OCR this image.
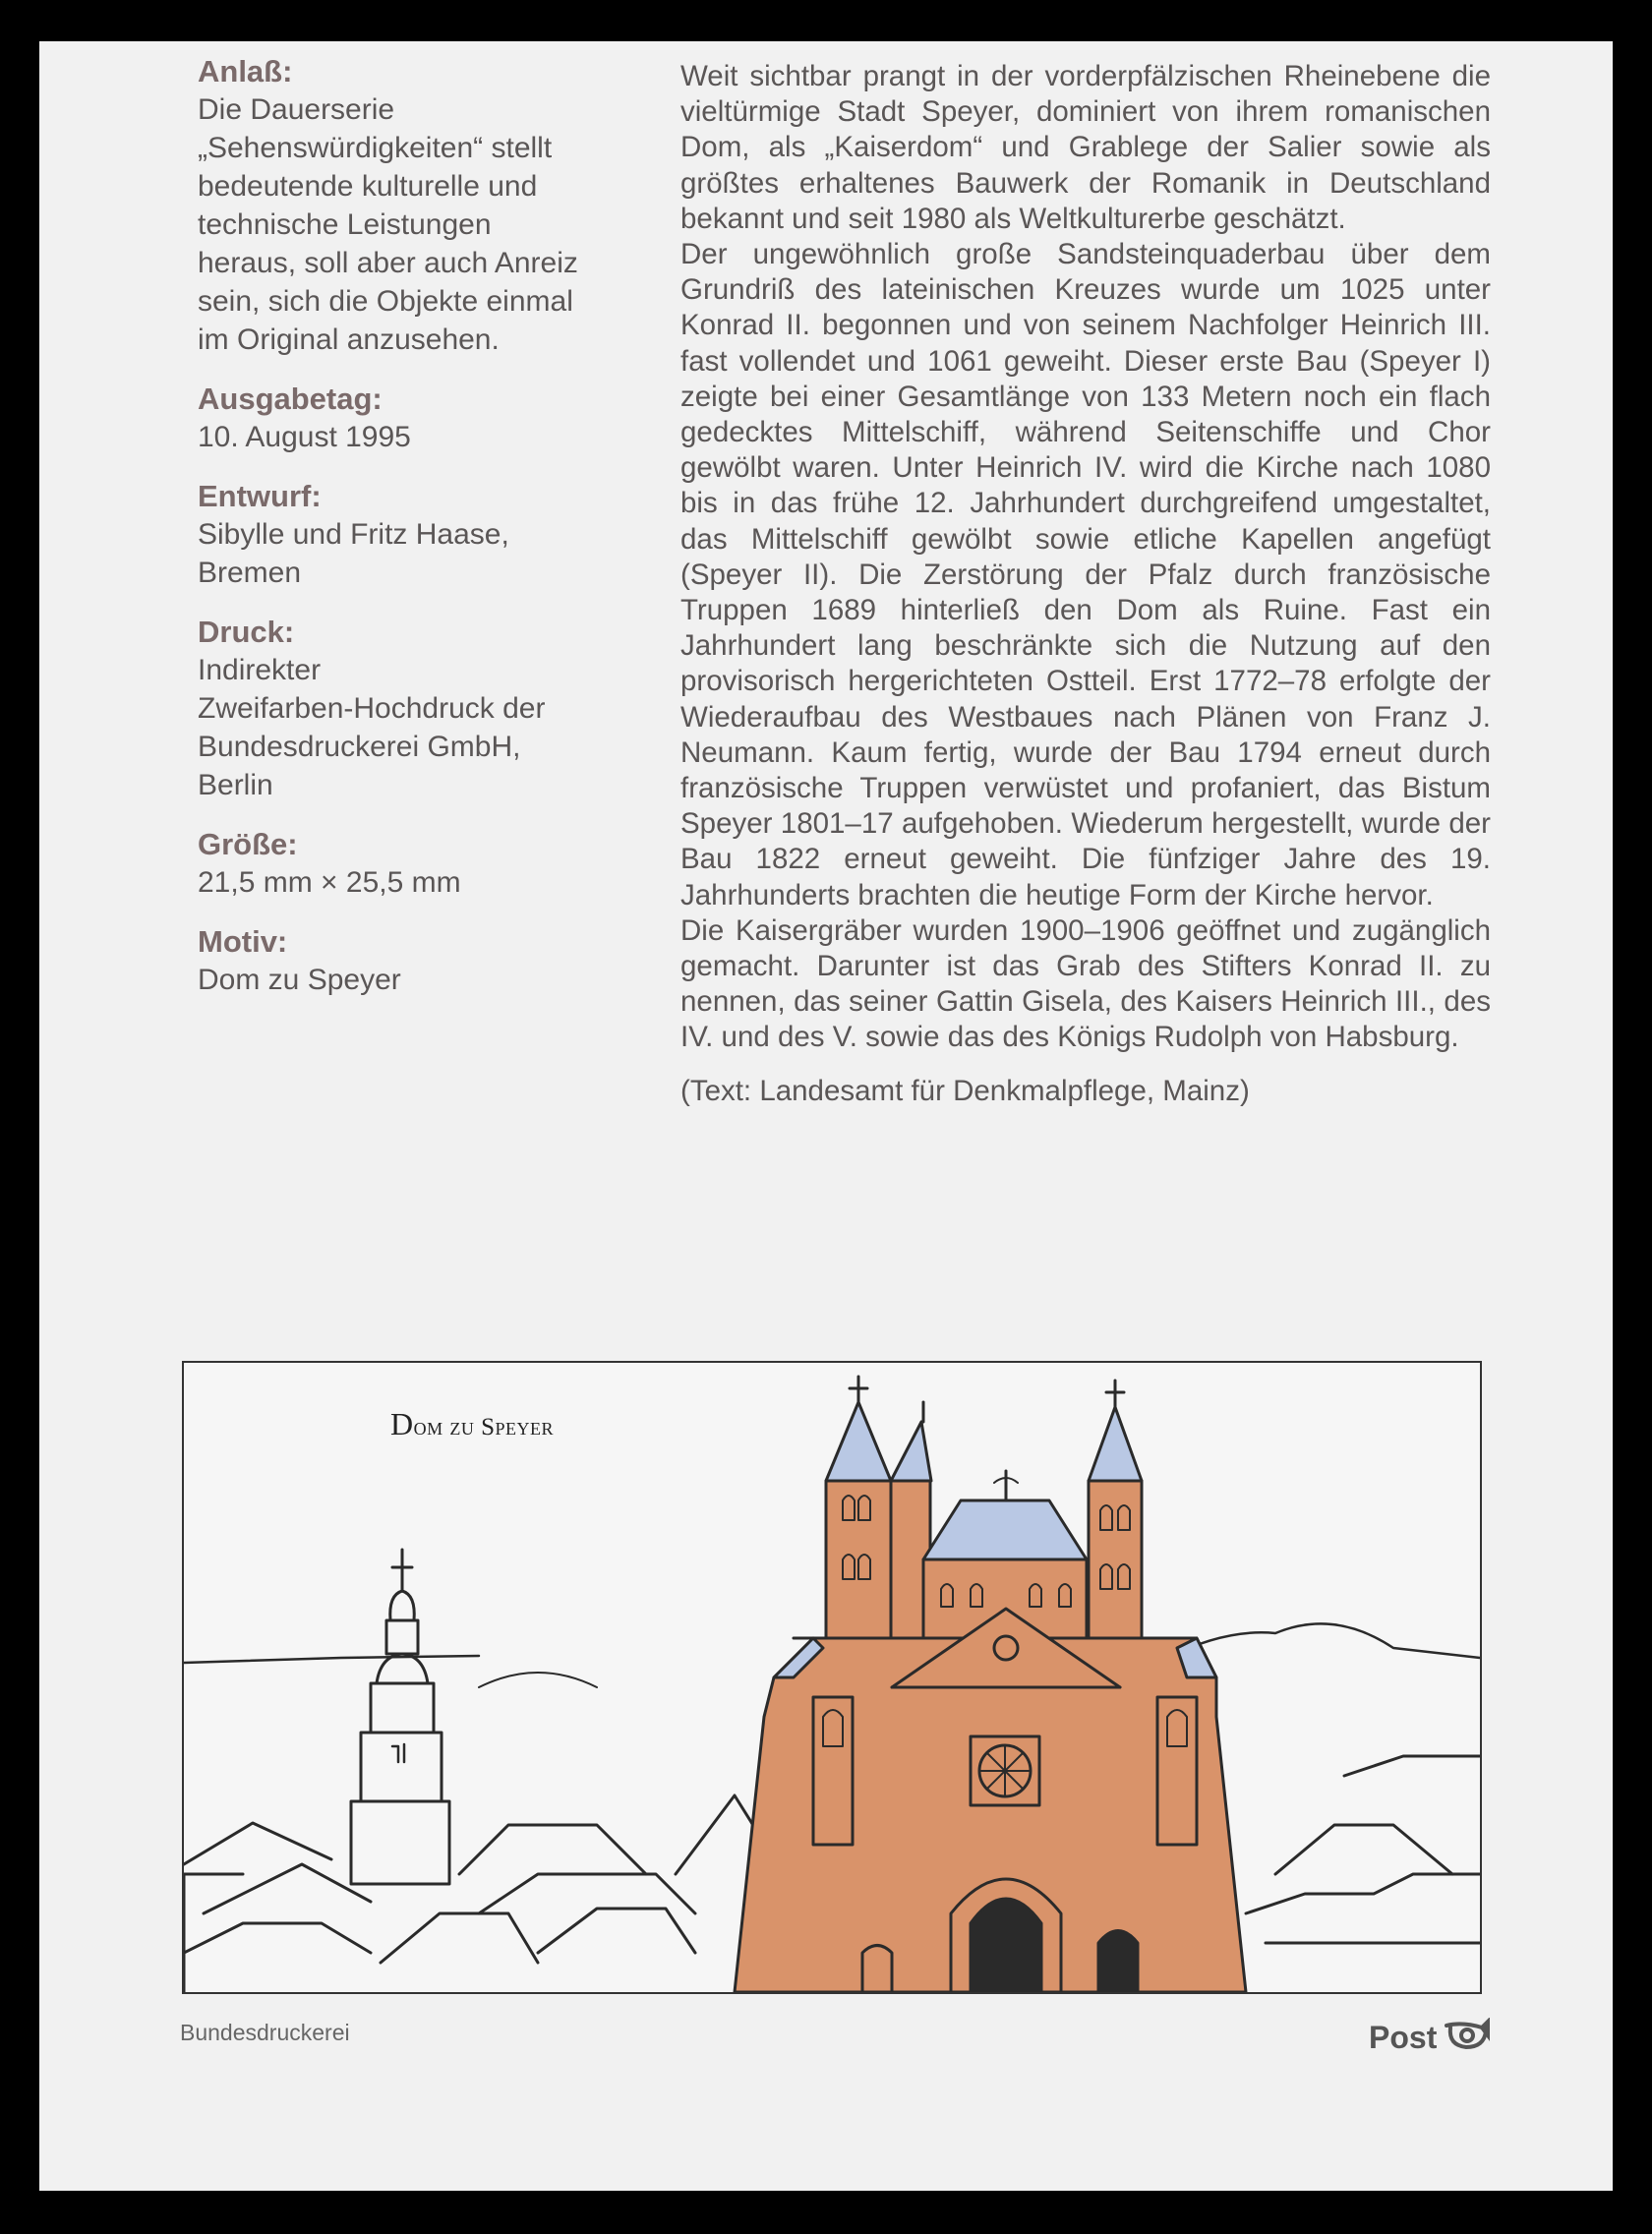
Anlaß:
Die Dauerserie
„Sehenswürdigkeiten“ stellt
bedeutende kulturelle und
technische Leistungen
heraus, soll aber auch Anreiz
sein, sich die Objekte einmal
im Original anzusehen.
Ausgabetag:
10. August 1995
Entwurf:
Sibylle und Fritz Haase,
Bremen
Druck:
Indirekter
Zweifarben-Hochdruck der
Bundesdruckerei GmbH,
Berlin
Größe:
21,5 mm × 25,5 mm
Motiv:
Dom zu Speyer

Weit sichtbar prangt in der vorderpfälzischen Rheinebene die vieltürmige Stadt Speyer, dominiert von ihrem romanischen Dom, als „Kaiserdom“ und Grablege der Salier sowie als größtes erhaltenes Bauwerk der Romanik in Deutschland bekannt und seit 1980 als Weltkulturerbe geschätzt.

Der ungewöhnlich große Sandsteinquaderbau über dem Grundriß des lateinischen Kreuzes wurde um 1025 unter Konrad II. begonnen und von seinem Nachfolger Heinrich III. fast vollendet und 1061 geweiht. Dieser erste Bau (Speyer I) zeigte bei einer Gesamtlänge von 133 Metern noch ein flach gedecktes Mittelschiff, während Seitenschiffe und Chor gewölbt waren. Unter Heinrich IV. wird die Kirche nach 1080 bis in das frühe 12. Jahrhundert durchgreifend umgestaltet, das Mittelschiff gewölbt sowie etliche Kapellen angefügt (Speyer II). Die Zerstörung der Pfalz durch französische Truppen 1689 hinterließ den Dom als Ruine. Fast ein Jahrhundert lang beschränkte sich die Nutzung auf den provisorisch hergerichteten Ostteil. Erst 1772–78 erfolgte der Wiederaufbau des Westbaues nach Plänen von Franz J. Neumann. Kaum fertig, wurde der Bau 1794 erneut durch französische Truppen verwüstet und profaniert, das Bistum Speyer 1801–17 aufgehoben. Wiederum hergestellt, wurde der Bau 1822 erneut geweiht. Die fünfziger Jahre des 19. Jahrhunderts brachten die heutige Form der Kirche hervor.

Die Kaisergräber wurden 1900–1906 geöffnet und zugänglich gemacht. Darunter ist das Grab des Stifters Konrad II. zu nennen, das seiner Gattin Gisela, des Kaisers Heinrich III., des IV. und des V. sowie das des Königs Rudolph von Habsburg.

(Text: Landesamt für Denkmalpflege, Mainz)

Dom zu Speyer
Bundesdruckerei	Post
